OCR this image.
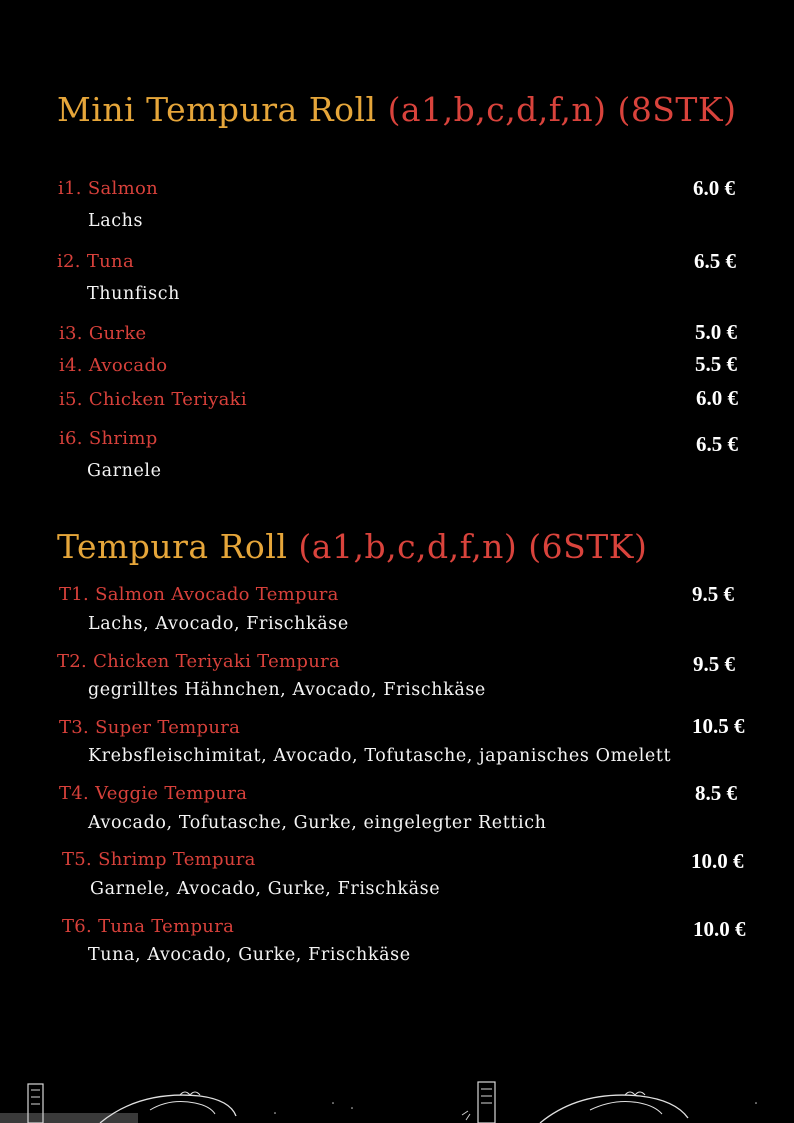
Mini Tempura Roll (a1,b,c,d,f,n) (8STK)
i1. Salmon
Lachs
6.0 €
i2. Tuna
Thunfisch
6.5 €
i3. Gurke	5.0 €
i4. Avocado	5.5 €
i5. Chicken Teriyaki	6.0 €
i6. Shrimp
Garnele
6.5 €
Tempura Roll (a1,b,c,d,f,n) (6STK)
T1. Salmon Avocado Tempura
Lachs, Avocado, Frischkäse
9.5 €
T2. Chicken Teriyaki Tempura
gegrilltes Hähnchen, Avocado, Frischkäse
9.5 €
T3. Super Tempura
Krebsfleischimitat, Avocado, Tofutasche, japanisches Omelett
10.5 €
T4. Veggie Tempura
Avocado, Tofutasche, Gurke, eingelegter Rettich
8.5 €
T5. Shrimp Tempura
Garnele, Avocado, Gurke, Frischkäse
10.0 €
T6. Tuna Tempura
Tuna, Avocado, Gurke, Frischkäse
10.0 €
